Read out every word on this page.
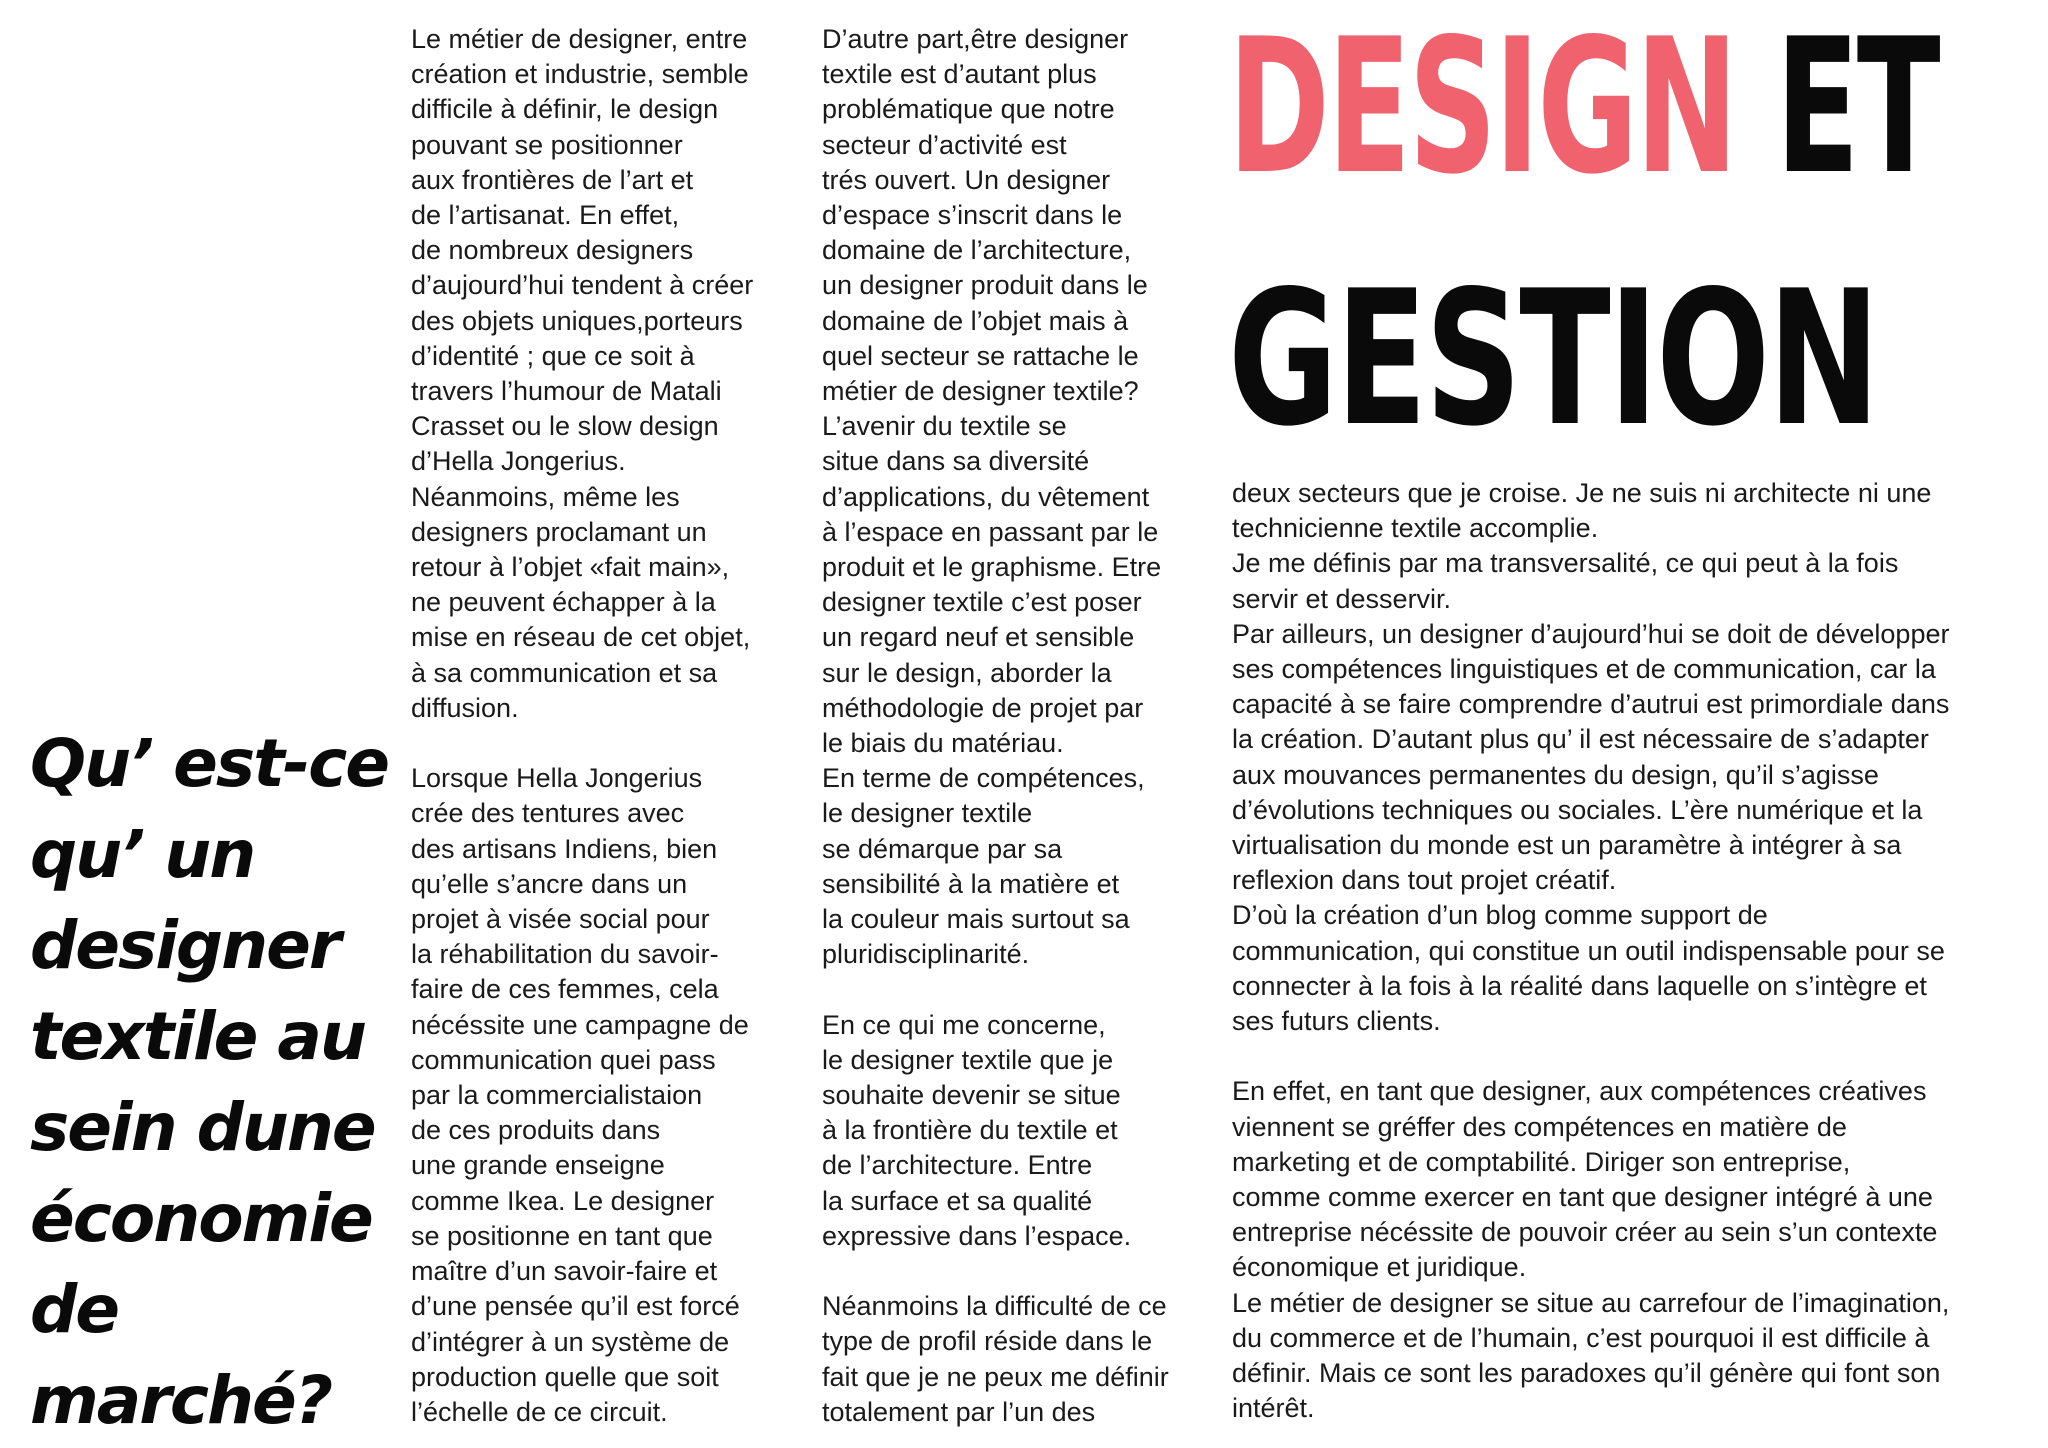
Qu’ est-ce qu’ un designer textile au sein dune économie de marché?

Le métier de designer, entre
création et industrie, semble
difficile à définir, le design
pouvant se positionner
aux frontières de l’art et
de l’artisanat. En effet,
de nombreux designers
d’aujourd’hui tendent à créer
des objets uniques,porteurs
d’identité ; que ce soit à
travers l’humour de Matali
Crasset ou le slow design
d’Hella Jongerius.
Néanmoins, même les
designers proclamant un
retour à l’objet «fait main»,
ne peuvent échapper à la
mise en réseau de cet objet,
à sa communication et sa
diffusion.

Lorsque Hella Jongerius
crée des tentures avec
des artisans Indiens, bien
qu’elle s’ancre dans un
projet à visée social pour
la réhabilitation du savoir-
faire de ces femmes, cela
nécéssite une campagne de
communication quei pass
par la commercialistaion
de ces produits dans
une grande enseigne
comme Ikea. Le designer
se positionne en tant que
maître d’un savoir-faire et
d’une pensée qu’il est forcé
d’intégrer à un système de
production quelle que soit
l’échelle de ce circuit.

D’autre part,être designer
textile est d’autant plus
problématique que notre
secteur d’activité est
trés ouvert. Un designer
d’espace s’inscrit dans le
domaine de l’architecture,
un designer produit dans le
domaine de l’objet mais à
quel secteur se rattache le
métier de designer textile?
L’avenir du textile se
situe dans sa diversité
d’applications, du vêtement
à l’espace en passant par le
produit et le graphisme. Etre
designer textile c’est poser
un regard neuf et sensible
sur le design, aborder la
méthodologie de projet par
le biais du matériau.
En terme de compétences,
le designer textile
se démarque par sa
sensibilité à la matière et
la couleur mais surtout sa
pluridisciplinarité.

En ce qui me concerne,
le designer textile que je
souhaite devenir se situe
à la frontière du textile et
de l’architecture. Entre
la surface et sa qualité
expressive dans l’espace.

Néanmoins la difficulté de ce
type de profil réside dans le
fait que je ne peux me définir
totalement par l’un des

DESIGN ET
GESTION

deux secteurs que je croise. Je ne suis ni architecte ni une
technicienne textile accomplie.
Je me définis par ma transversalité, ce qui peut à la fois
servir et desservir.
Par ailleurs, un designer d’aujourd’hui se doit de développer
ses compétences linguistiques et de communication, car la
capacité à se faire comprendre d’autrui est primordiale dans
la création. D’autant plus qu’ il est nécessaire de s’adapter
aux mouvances permanentes du design, qu’il s’agisse
d’évolutions techniques ou sociales. L’ère numérique et la
virtualisation du monde est un paramètre à intégrer à sa
reflexion dans tout projet créatif.
D’où la création d’un blog comme support de
communication, qui constitue un outil indispensable pour se
connecter à la fois à la réalité dans laquelle on s’intègre et
ses futurs clients.

En effet, en tant que designer, aux compétences créatives
viennent se gréffer des compétences en matière de
marketing et de comptabilité. Diriger son entreprise,
comme comme exercer en tant que designer intégré à une
entreprise nécéssite de pouvoir créer au sein s’un contexte
économique et juridique.
Le métier de designer se situe au carrefour de l’imagination,
du commerce et de l’humain, c’est pourquoi il est difficile à
définir. Mais ce sont les paradoxes qu’il génère qui font son
intérêt.
